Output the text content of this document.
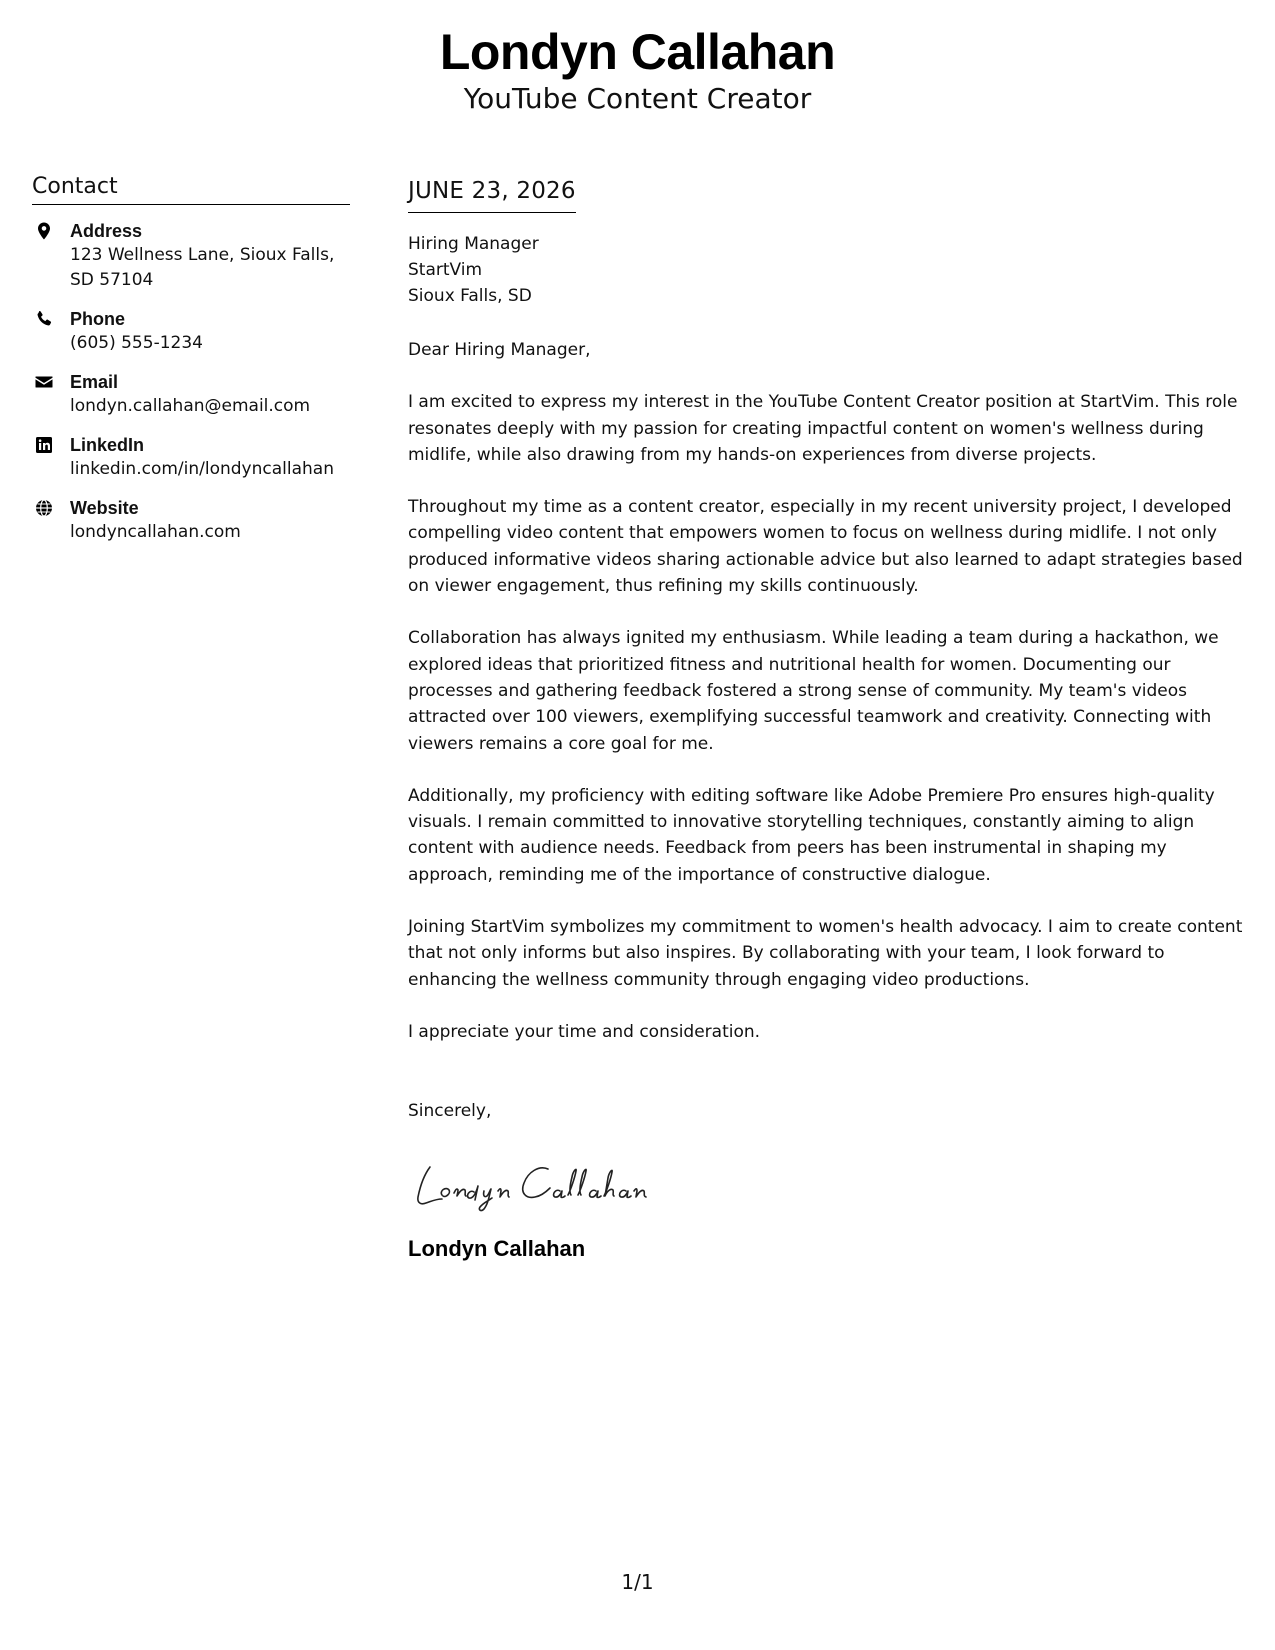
Londyn Callahan
YouTube Content Creator
Contact
Address
123 Wellness Lane, Sioux Falls, SD 57104
Phone
(605) 555-1234
Email
londyn.callahan@email.com
LinkedIn
linkedin.com/in/londyncallahan
Website
londyncallahan.com
JUNE 23, 2026
Hiring Manager
StartVim
Sioux Falls, SD
Dear Hiring Manager,
I am excited to express my interest in the YouTube Content Creator position at StartVim. This role resonates deeply with my passion for creating impactful content on women's wellness during midlife, while also drawing from my hands-on experiences from diverse projects.
Throughout my time as a content creator, especially in my recent university project, I developed compelling video content that empowers women to focus on wellness during midlife. I not only produced informative videos sharing actionable advice but also learned to adapt strategies based on viewer engagement, thus refining my skills continuously.
Collaboration has always ignited my enthusiasm. While leading a team during a hackathon, we explored ideas that prioritized fitness and nutritional health for women. Documenting our processes and gathering feedback fostered a strong sense of community. My team's videos attracted over 100 viewers, exemplifying successful teamwork and creativity. Connecting with viewers remains a core goal for me.
Additionally, my proficiency with editing software like Adobe Premiere Pro ensures high-quality visuals. I remain committed to innovative storytelling techniques, constantly aiming to align content with audience needs. Feedback from peers has been instrumental in shaping my approach, reminding me of the importance of constructive dialogue.
Joining StartVim symbolizes my commitment to women's health advocacy. I aim to create content that not only informs but also inspires. By collaborating with your team, I look forward to enhancing the wellness community through engaging video productions.
I appreciate your time and consideration.
Sincerely,
Londyn Callahan
1/1
